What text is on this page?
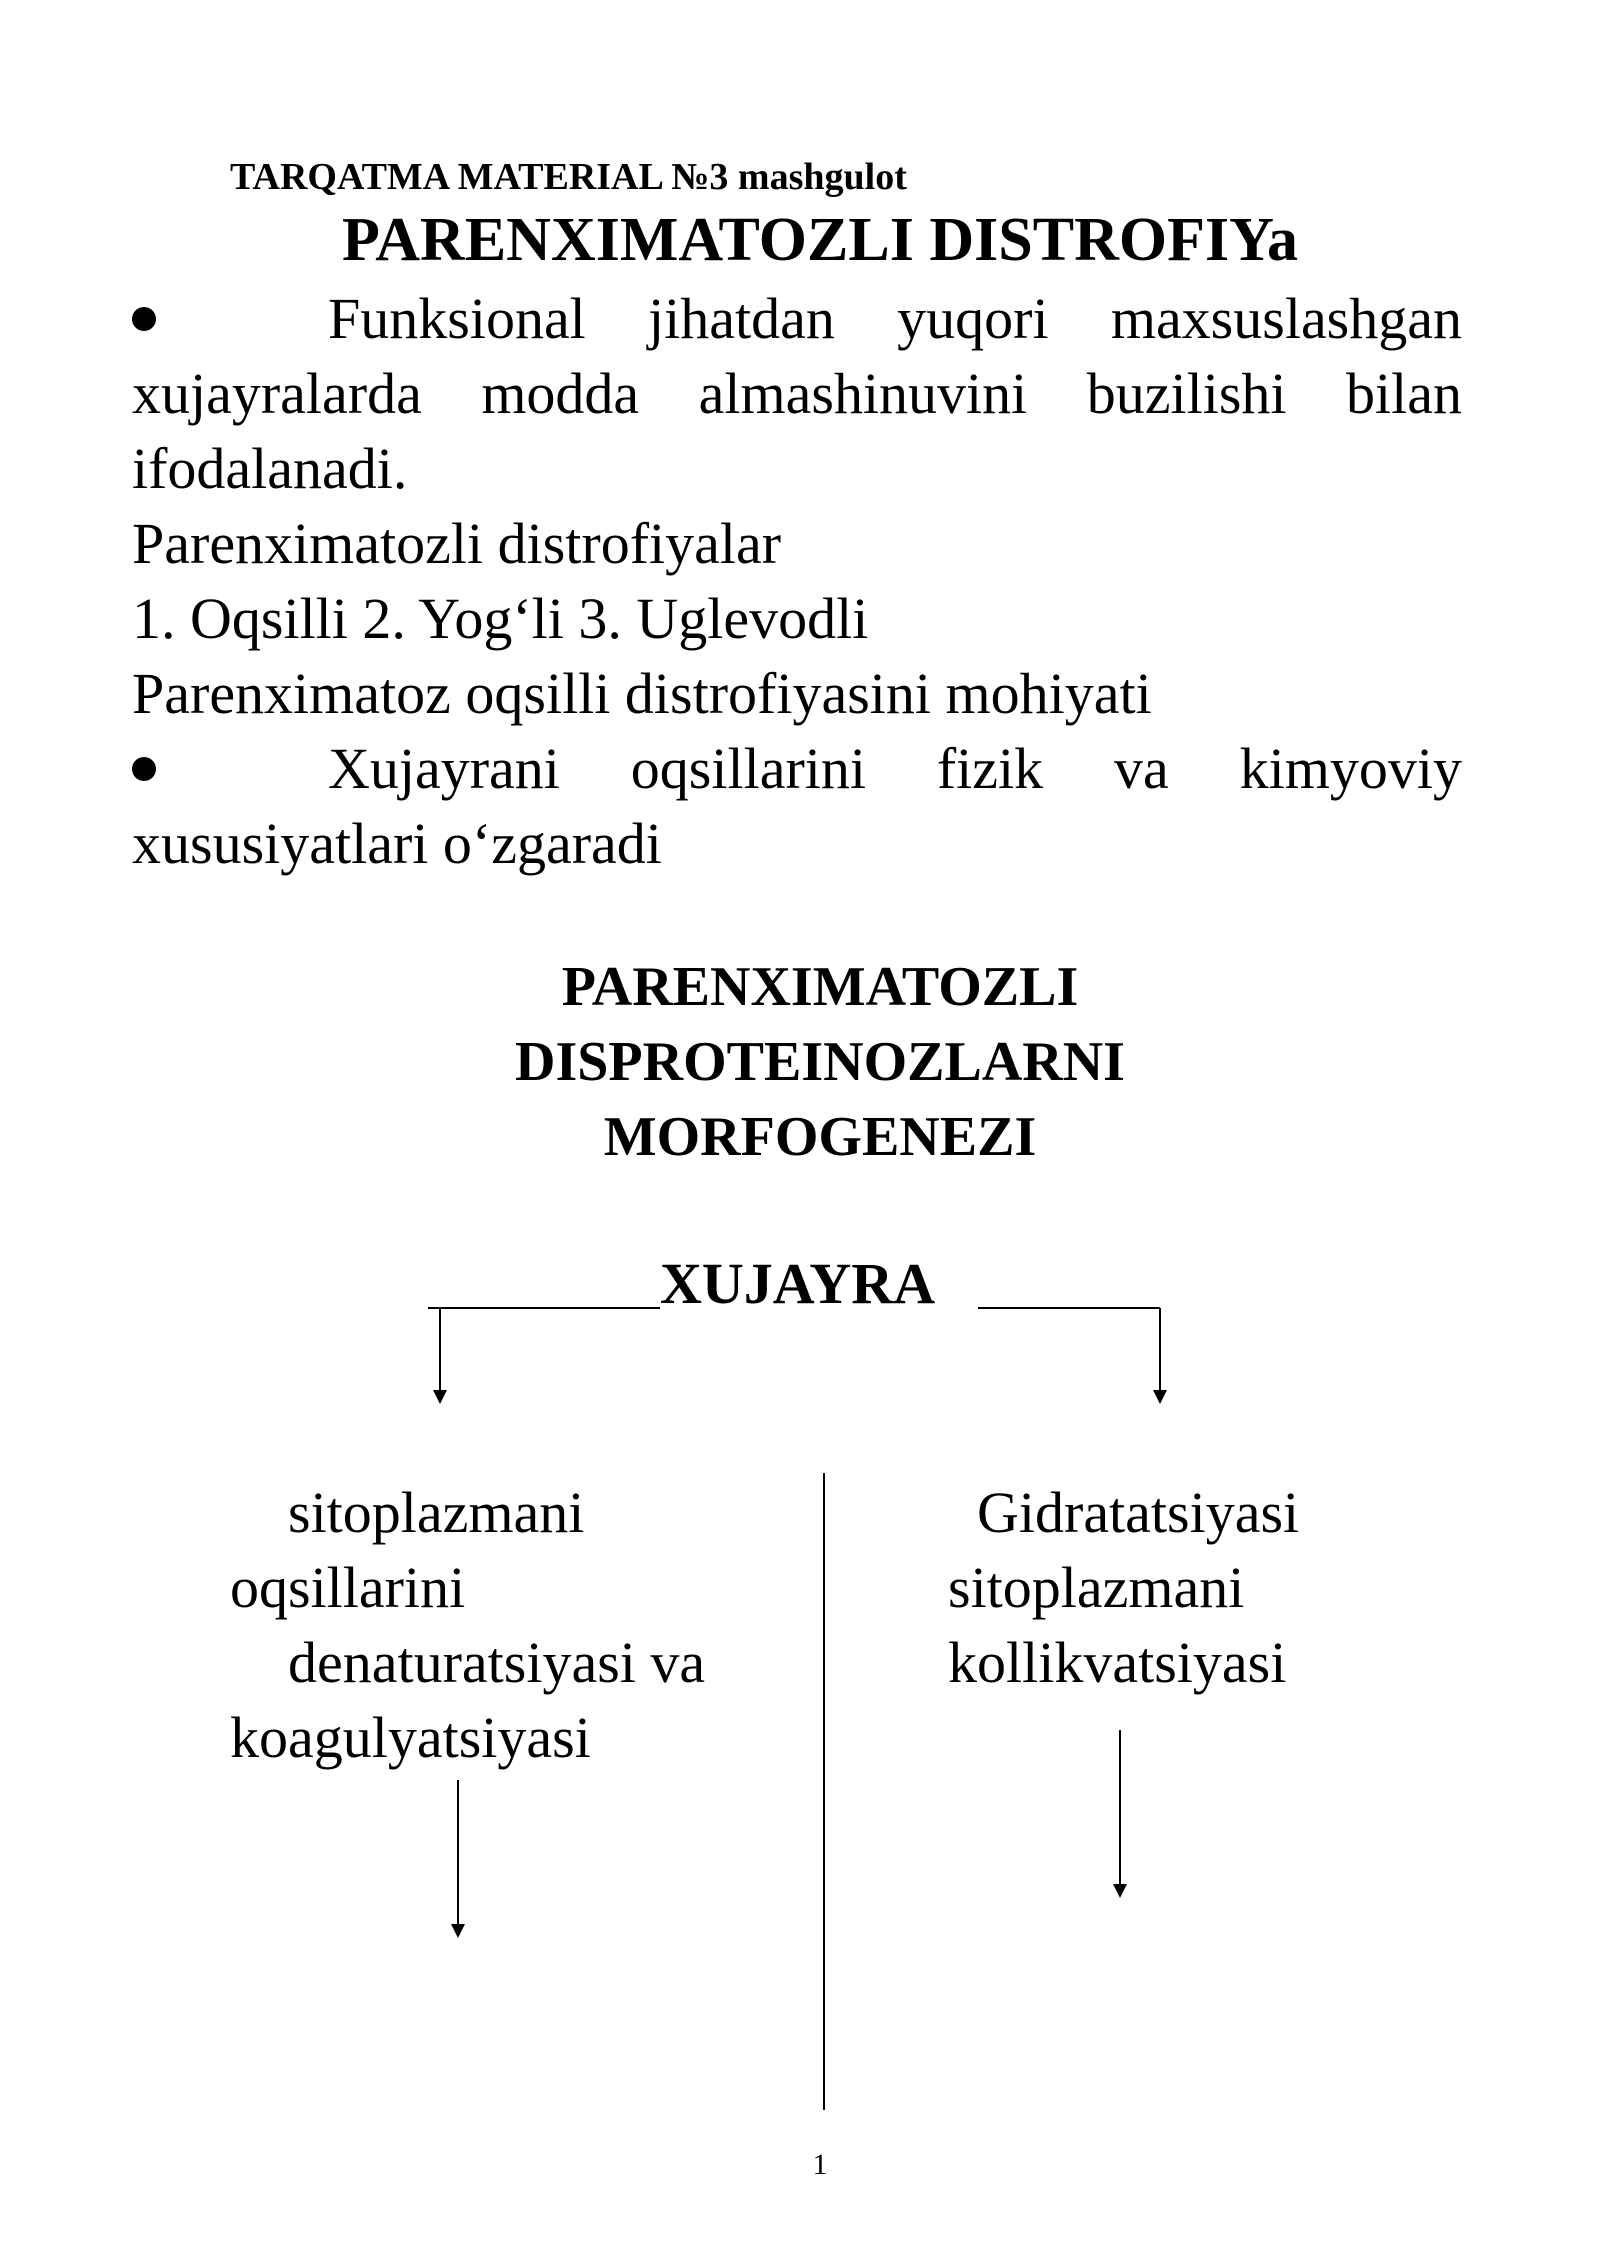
TARQATMA MATERIAL №3 mashgulot
PARENXIMATOZLI DISTROFIYa
Funksional jihatdan yuqori maxsuslashgan
xujayralarda modda almashinuvini buzilishi bilan
ifodalanadi.
Parenximatozli distrofiyalar
1. Oqsilli 2. Yog‘li 3. Uglevodli
Parenximatoz oqsilli distrofiyasini mohiyati
Xujayrani oqsillarini fizik va kimyoviy
xususiyatlari o‘zgaradi
PARENXIMATOZLI
DISPROTEINOZLARNI
MORFOGENEZI
XUJAYRA
sitoplazmani
oqsillarini
denaturatsiyasi va
koagulyatsiyasi
Gidratatsiyasi
sitoplazmani
kollikvatsiyasi
1
